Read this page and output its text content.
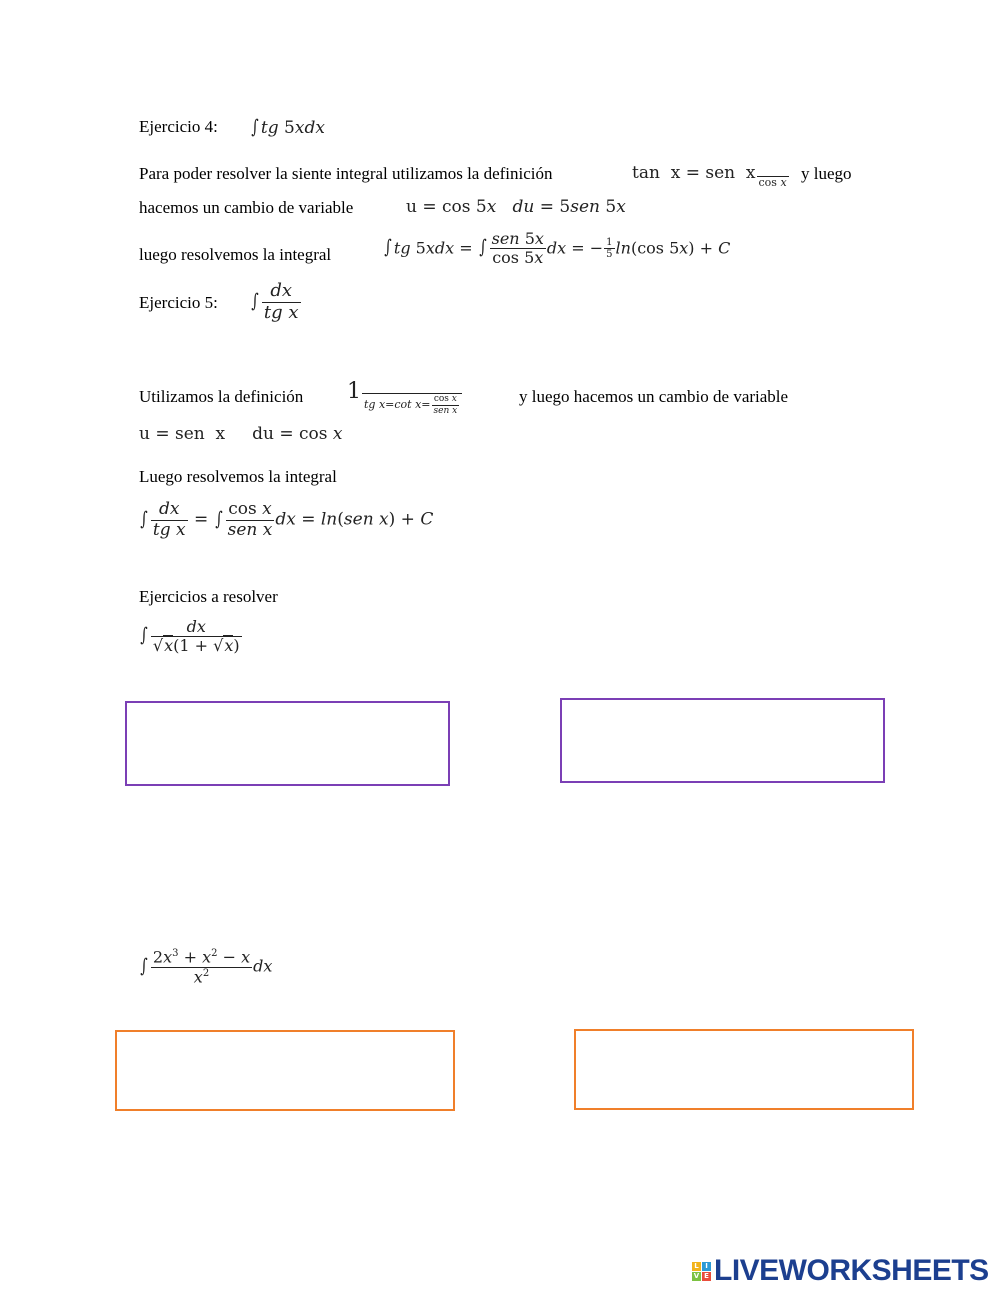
Ejercicio 4: ∫ tg 5xdx
Para poder resolver la siente integral utilizamos la definición	tan  x = sen  x
cos x y luego
hacemos un cambio de variable	u = cos 5x du = 5sen 5x
luego resolvemos la integral	∫ tg 5xdx = ∫ $\frac{\text{sen 5x}}{\cos 5x}$ dx = − $\frac{1}{5} \ln(\cos$ 5x) + C
Ejercicio 5: ∫ $\frac{dx}{\text{tg x}}$
Utilizamos la definición 1

tg x=cot $x= \frac{\text{cos x}}{\text{sen x}}$	y luego hacemos un cambio de variable
u = sen  x     du = cos x
Luego resolvemos la integral
∫ $\frac{dx}{\text{tg x}}$ = ∫ $\frac{\text{cos x}}{\text{sen x}}$ dx = ln(sen x) + C
Ejercicios a resolver
∫ $\frac{dx}{√x(1 + √x)}$
∫ $\frac{2x^3 + x^2 - x}{x^2}$ dx
L I
V E LIVEWORKSHEETS
